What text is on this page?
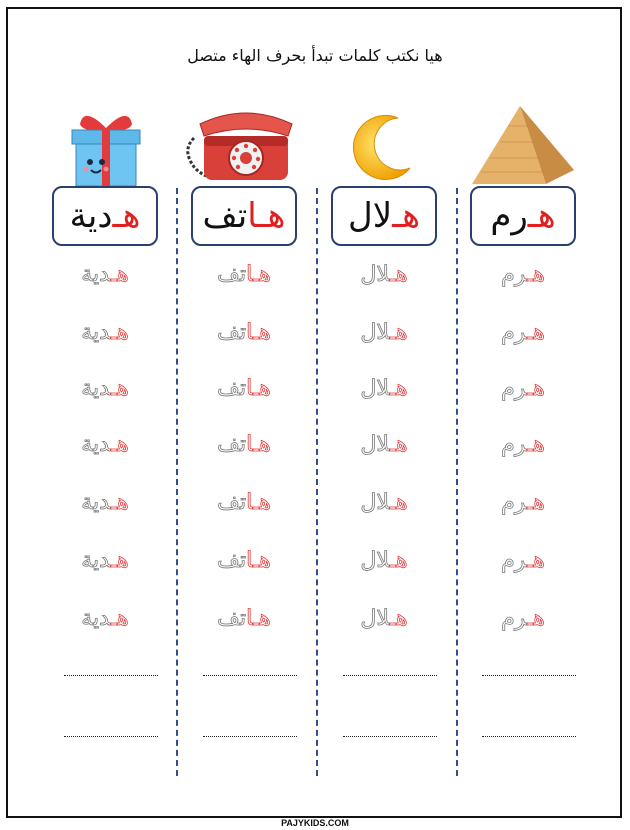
هيا نكتب كلمات تبدأ بحرف الهاء متصل
هـ
رم
هـ
لال
هـا
تف
هـ
دية
هـرم
هـرم
هـرم
هـرم
هـرم
هـرم
هـرم
هـلال
هـلال
هـلال
هـلال
هـلال
هـلال
هـلال
هـاتف
هـاتف
هـاتف
هـاتف
هـاتف
هـاتف
هـاتف
هـدية
هـدية
هـدية
هـدية
هـدية
هـدية
هـدية
PAJYKIDS.COM
